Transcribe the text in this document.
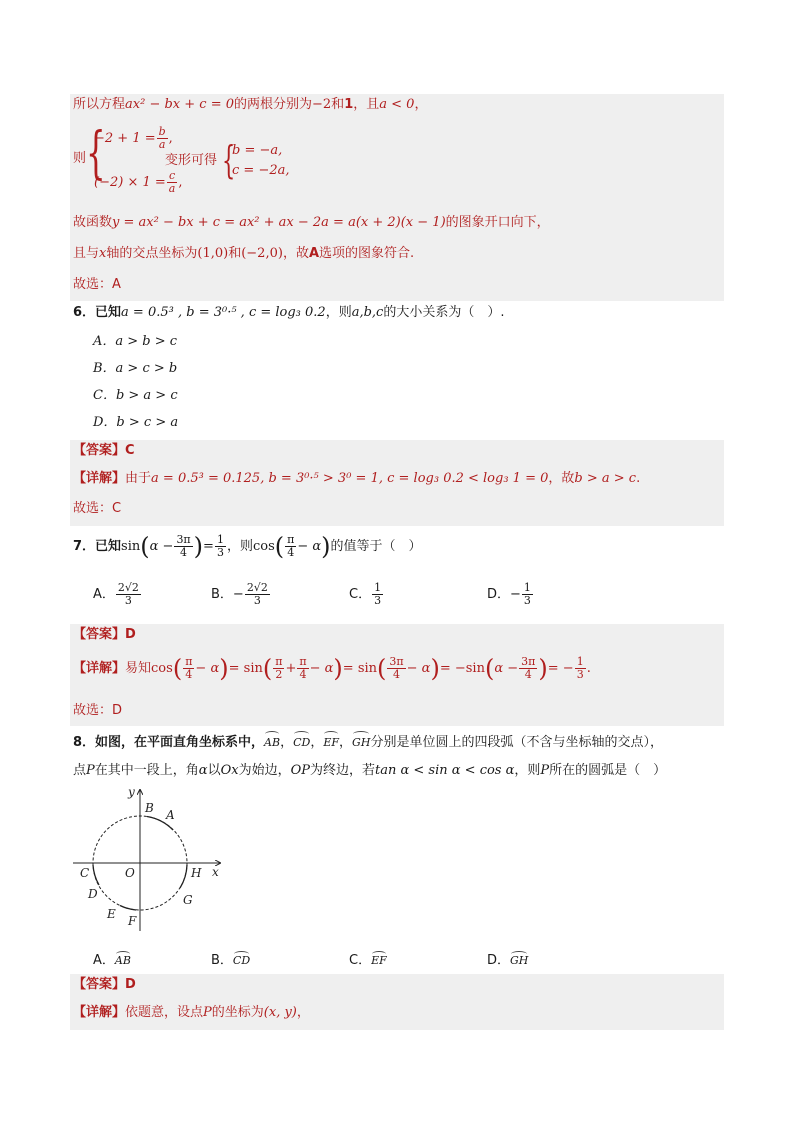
所以方程ax² − bx + c = 0的两根分别为−2和1，且a < 0，
则 {
$-2 + 1 = \frac{b}{a}$ ,
$(-2) \times 1 = \frac{c}{a}$ ,
变形可得 {
b = −a,
c = −2a,
故函数y = ax² − bx + c = ax² + ax − 2a = a(x + 2)(x − 1)的图象开口向下，
且与x轴的交点坐标为(1,0)和(−2,0)，故A选项的图象符合.
故选：A
6．已知a = 0.5³ , b = 3⁰·⁵ , c = log₃ 0.2，则a,b,c的大小关系为（　）.
A．a > b > c
B．a > c > b
C．b > a > c
D．b > c > a
【答案】C
【详解】由于a = 0.5³ = 0.125, b = 3⁰·⁵ > 3⁰ = 1, c = log₃ 0.2 < log₃ 1 = 0，故b > a > c.
故选：C
7．已知$\sin(\alpha - \frac{3\pi}{4}$ )= $\frac{1}{3}$ ，则$\cos( \frac{\pi}{4} - \alpha)$的值等于（　）
A． $\frac{2√2}{3}$	B．− $\frac{2√2}{3}$	C． $\frac{1}{3}$	D．− $\frac{1}{3}$
【答案】D
【详解】易知$\cos( \frac{\pi}{4} - \alpha)= \sin( \frac{\pi}{2} + \frac{\pi}{4} - \alpha)= \sin( \frac{3\pi}{4} - \alpha)= -\sin(\alpha - \frac{3\pi}{4}$ )= − $\frac{1}{3}$ .
故选：D
8．如图，在平面直角坐标系中，AB，CD，EF，GH分别是单位圆上的四段弧（不含与坐标轴的交点），
点P在其中一段上，角α以Ox为始边，OP为终边，若tan α < sin α < cos α，则P所在的圆弧是（　）
y
x
O
A
B
C
D
E F
G
H
A．AB	B．CD	C．EF	D．GH
【答案】D
【详解】依题意，设点P的坐标为(x, y)，
